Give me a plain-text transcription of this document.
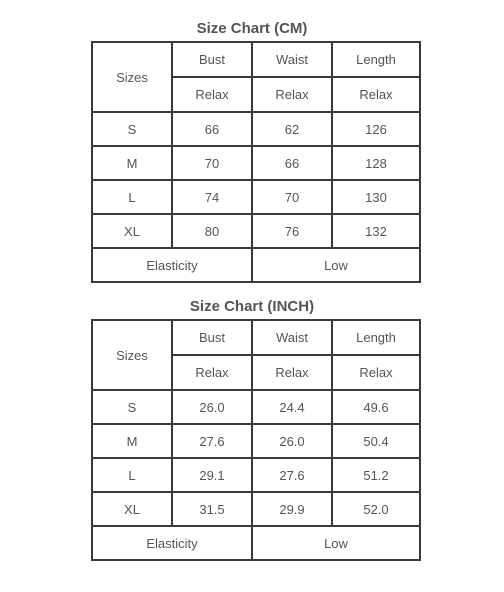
Size Chart (CM)
Sizes	Bust	Waist	Length
	Relax	Relax	Relax
S	66	62	126
M	70	66	128
L	74	70	130
XL	80	76	132
Elasticity		Low	
Size Chart (INCH)
Sizes	Bust	Waist	Length
	Relax	Relax	Relax
S	26.0	24.4	49.6
M	27.6	26.0	50.4
L	29.1	27.6	51.2
XL	31.5	29.9	52.0
Elasticity		Low	
